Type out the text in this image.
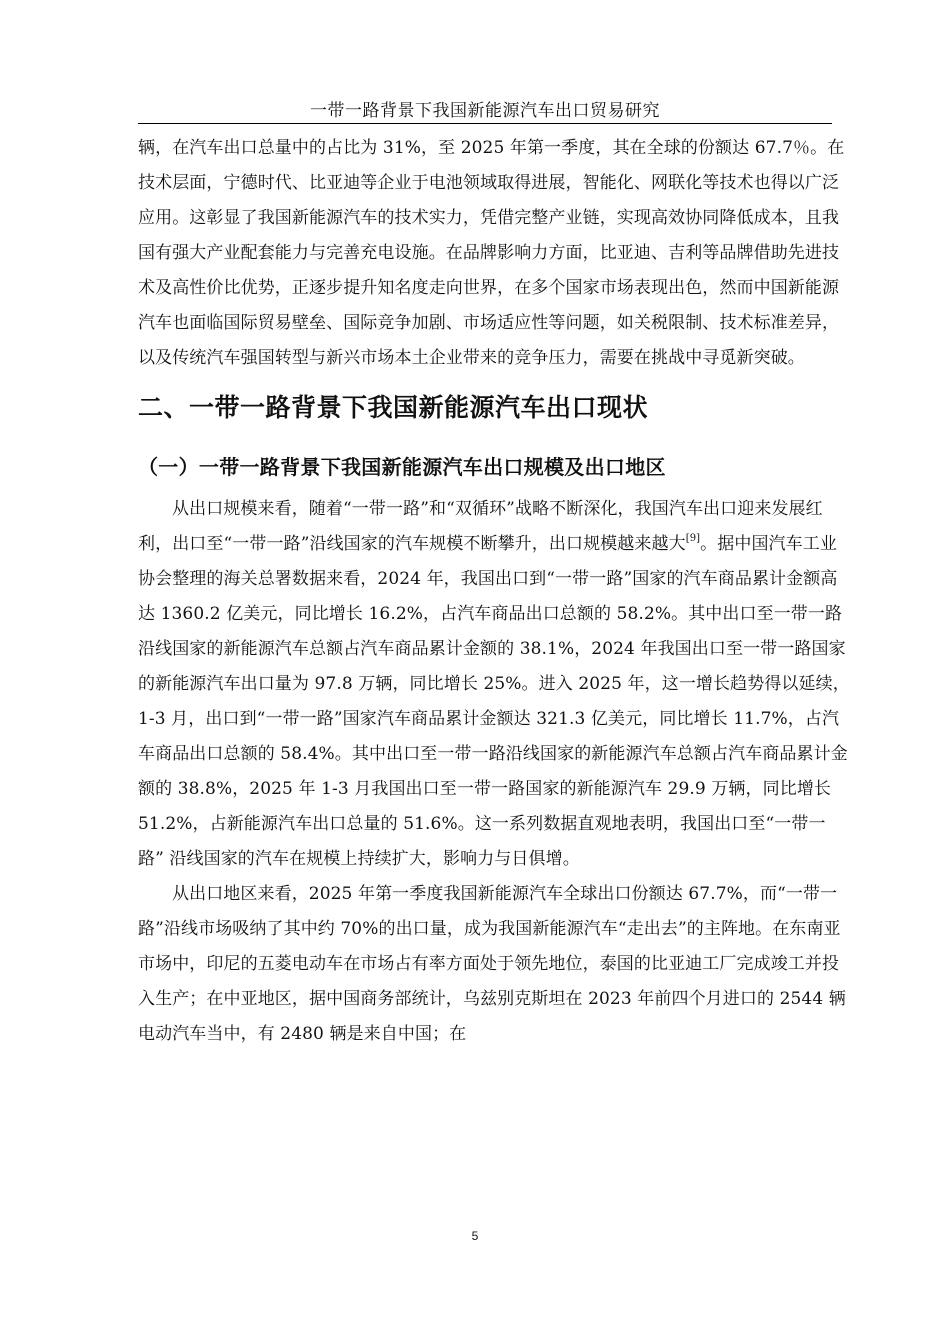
一带一路背景下我国新能源汽车出口贸易研究

辆，在汽车出口总量中的占比为 31%，至 2025 年第一季度，其在全球的份额达 67.7％。在技术层面，宁德时代、比亚迪等企业于电池领域取得进展，智能化、网联化等技术也得以广泛应用。这彰显了我国新能源汽车的技术实力，凭借完整产业链，实现高效协同降低成本，且我国有强大产业配套能力与完善充电设施。在品牌影响力方面，比亚迪、吉利等品牌借助先进技术及高性价比优势，正逐步提升知名度走向世界，在多个国家市场表现出色，然而中国新能源汽车也面临国际贸易壁垒、国际竞争加剧、市场适应性等问题，如关税限制、技术标准差异，以及传统汽车强国转型与新兴市场本土企业带来的竞争压力，需要在挑战中寻觅新突破。

二、一带一路背景下我国新能源汽车出口现状
（一）一带一路背景下我国新能源汽车出口规模及出口地区

从出口规模来看，随着“一带一路”和“双循环”战略不断深化，我国汽车出口迎来发展红利，出口至“一带一路”沿线国家的汽车规模不断攀升，出口规模越来越大[9]。据中国汽车工业协会整理的海关总署数据来看，2024 年，我国出口到“一带一路”国家的汽车商品累计金额高达 1360.2 亿美元，同比增长 16.2%，占汽车商品出口总额的 58.2%。其中出口至一带一路沿线国家的新能源汽车总额占汽车商品累计金额的 38.1%，2024 年我国出口至一带一路国家的新能源汽车出口量为 97.8 万辆，同比增长 25%。进入 2025 年，这一增长趋势得以延续，1-3 月，出口到“一带一路”国家汽车商品累计金额达 321.3 亿美元，同比增长 11.7%，占汽车商品出口总额的 58.4%。其中出口至一带一路沿线国家的新能源汽车总额占汽车商品累计金额的 38.8%，2025 年 1-3 月我国出口至一带一路国家的新能源汽车 29.9 万辆，同比增长 51.2%，占新能源汽车出口总量的 51.6%。这一系列数据直观地表明，我国出口至“一带一路” 沿线国家的汽车在规模上持续扩大，影响力与日俱增。

从出口地区来看，2025 年第一季度我国新能源汽车全球出口份额达 67.7%，而“一带一路”沿线市场吸纳了其中约 70%的出口量，成为我国新能源汽车“走出去”的主阵地。在东南亚市场中，印尼的五菱电动车在市场占有率方面处于领先地位，泰国的比亚迪工厂完成竣工并投入生产；在中亚地区，据中国商务部统计，乌兹别克斯坦在 2023 年前四个月进口的 2544 辆电动汽车当中，有 2480 辆是来自中国；在

5
